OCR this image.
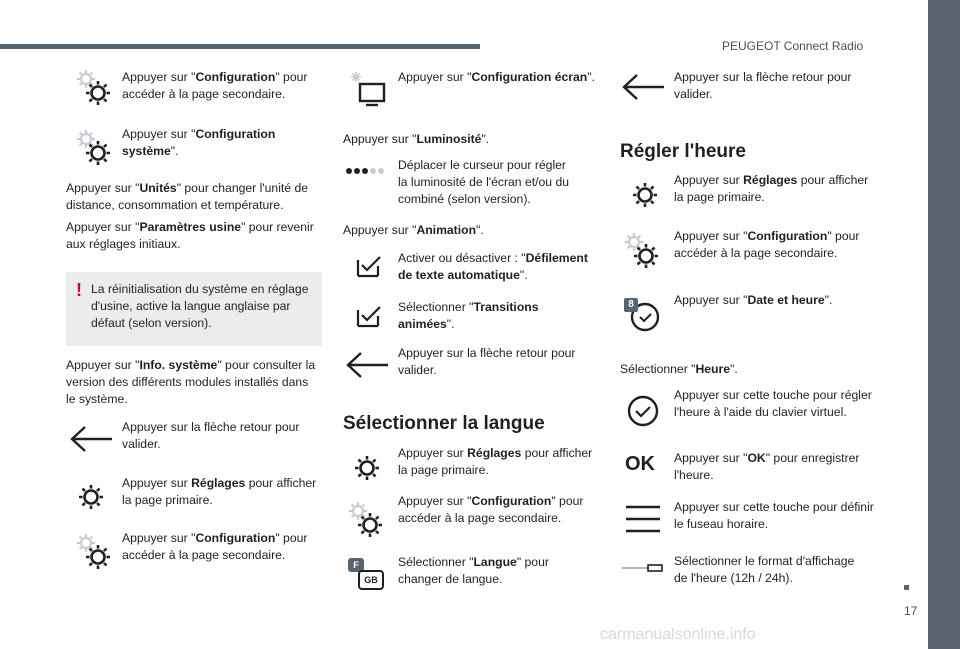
PEUGEOT Connect Radio
17
Appuyer sur "Configuration" pour accéder à la page secondaire.
Appuyer sur "Configuration système".
Appuyer sur "Unités" pour changer l'unité de distance, consommation et température.
Appuyer sur "Paramètres usine" pour revenir aux réglages initiaux.
! La réinitialisation du système en réglage d'usine, active la langue anglaise par défaut (selon version).
Appuyer sur "Info. système" pour consulter la version des différents modules installés dans le système.
Appuyer sur la flèche retour pour valider.
Appuyer sur Réglages pour afficher la page primaire.
Appuyer sur "Configuration" pour accéder à la page secondaire.
Appuyer sur "Configuration écran".
Appuyer sur "Luminosité".
Déplacer le curseur pour régler la luminosité de l'écran et/ou du combiné (selon version).
Appuyer sur "Animation".
Activer ou désactiver : "Défilement de texte automatique".
Sélectionner "Transitions animées".
Appuyer sur la flèche retour pour valider.
Sélectionner la langue
Appuyer sur Réglages pour afficher la page primaire.
Appuyer sur "Configuration" pour accéder à la page secondaire.
F
GB
Sélectionner "Langue" pour changer de langue.
Appuyer sur la flèche retour pour valider.
Régler l'heure
Appuyer sur Réglages pour afficher la page primaire.
Appuyer sur "Configuration" pour accéder à la page secondaire.
8	Appuyer sur "Date et heure".
Sélectionner "Heure".
Appuyer sur cette touche pour régler l'heure à l'aide du clavier virtuel.
OK	Appuyer sur "OK" pour enregistrer l'heure.
Appuyer sur cette touche pour définir le fuseau horaire.
Sélectionner le format d'affichage de l'heure (12h / 24h).
carmanualsonline.info
